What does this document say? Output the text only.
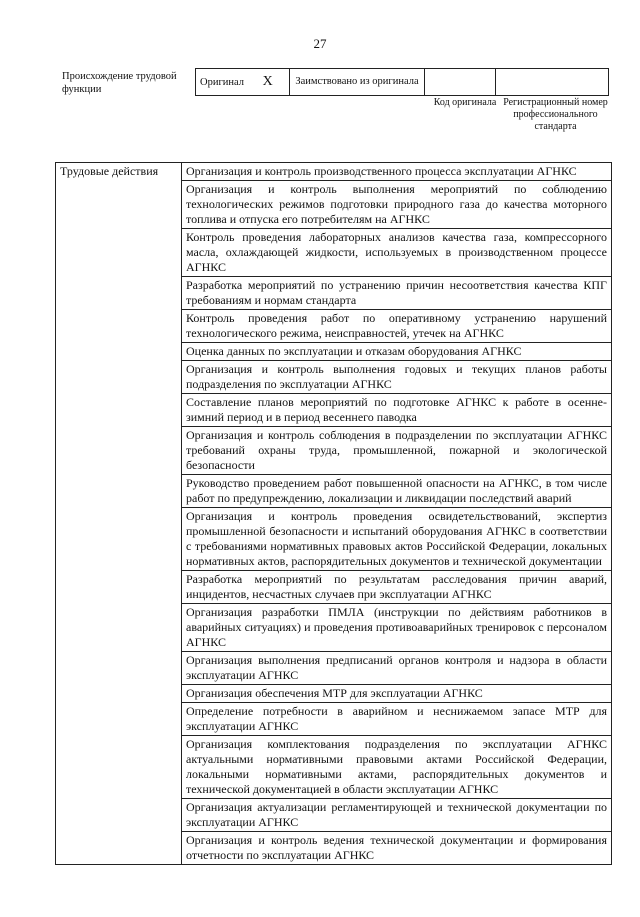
27
Происхождение трудовой функции
Оригинал X	Заимствовано из оригинала		
Код оригинала Регистрационный номер профессионального стандарта
Трудовые действия	Организация и контроль производственного процесса эксплуатации АГНКС
Организация и контроль выполнения мероприятий по соблюдению технологических режимов подготовки природного газа до качества моторного топлива и отпуска его потребителям на АГНКС
Контроль проведения лабораторных анализов качества газа, компрессорного масла, охлаждающей жидкости, используемых в производственном процессе АГНКС
Разработка мероприятий по устранению причин несоответствия качества КПГ требованиям и нормам стандарта
Контроль проведения работ по оперативному устранению нарушений технологического режима, неисправностей, утечек на АГНКС
Оценка данных по эксплуатации и отказам оборудования АГНКС
Организация и контроль выполнения годовых и текущих планов работы подразделения по эксплуатации АГНКС
Составление планов мероприятий по подготовке АГНКС к работе в осенне-зимний период и в период весеннего паводка
Организация и контроль соблюдения в подразделении по эксплуатации АГНКС требований охраны труда, промышленной, пожарной и экологической безопасности
Руководство проведением работ повышенной опасности на АГНКС, в том числе работ по предупреждению, локализации и ликвидации последствий аварий
Организация и контроль проведения освидетельствований, экспертиз промышленной безопасности и испытаний оборудования АГНКС в соответствии с требованиями нормативных правовых актов Российской Федерации, локальных нормативных актов, распорядительных документов и технической документации
Разработка мероприятий по результатам расследования причин аварий, инцидентов, несчастных случаев при эксплуатации АГНКС
Организация разработки ПМЛА (инструкции по действиям работников в аварийных ситуациях) и проведения противоаварийных тренировок с персоналом АГНКС
Организация выполнения предписаний органов контроля и надзора в области эксплуатации АГНКС
Организация обеспечения МТР для эксплуатации АГНКС
Определение потребности в аварийном и неснижаемом запасе МТР для эксплуатации АГНКС
Организация комплектования подразделения по эксплуатации АГНКС актуальными нормативными правовыми актами Российской Федерации, локальными нормативными актами, распорядительных документов и технической документацией в области эксплуатации АГНКС
Организация актуализации регламентирующей и технической документации по эксплуатации АГНКС
Организация и контроль ведения технической документации и формирования отчетности по эксплуатации АГНКС
